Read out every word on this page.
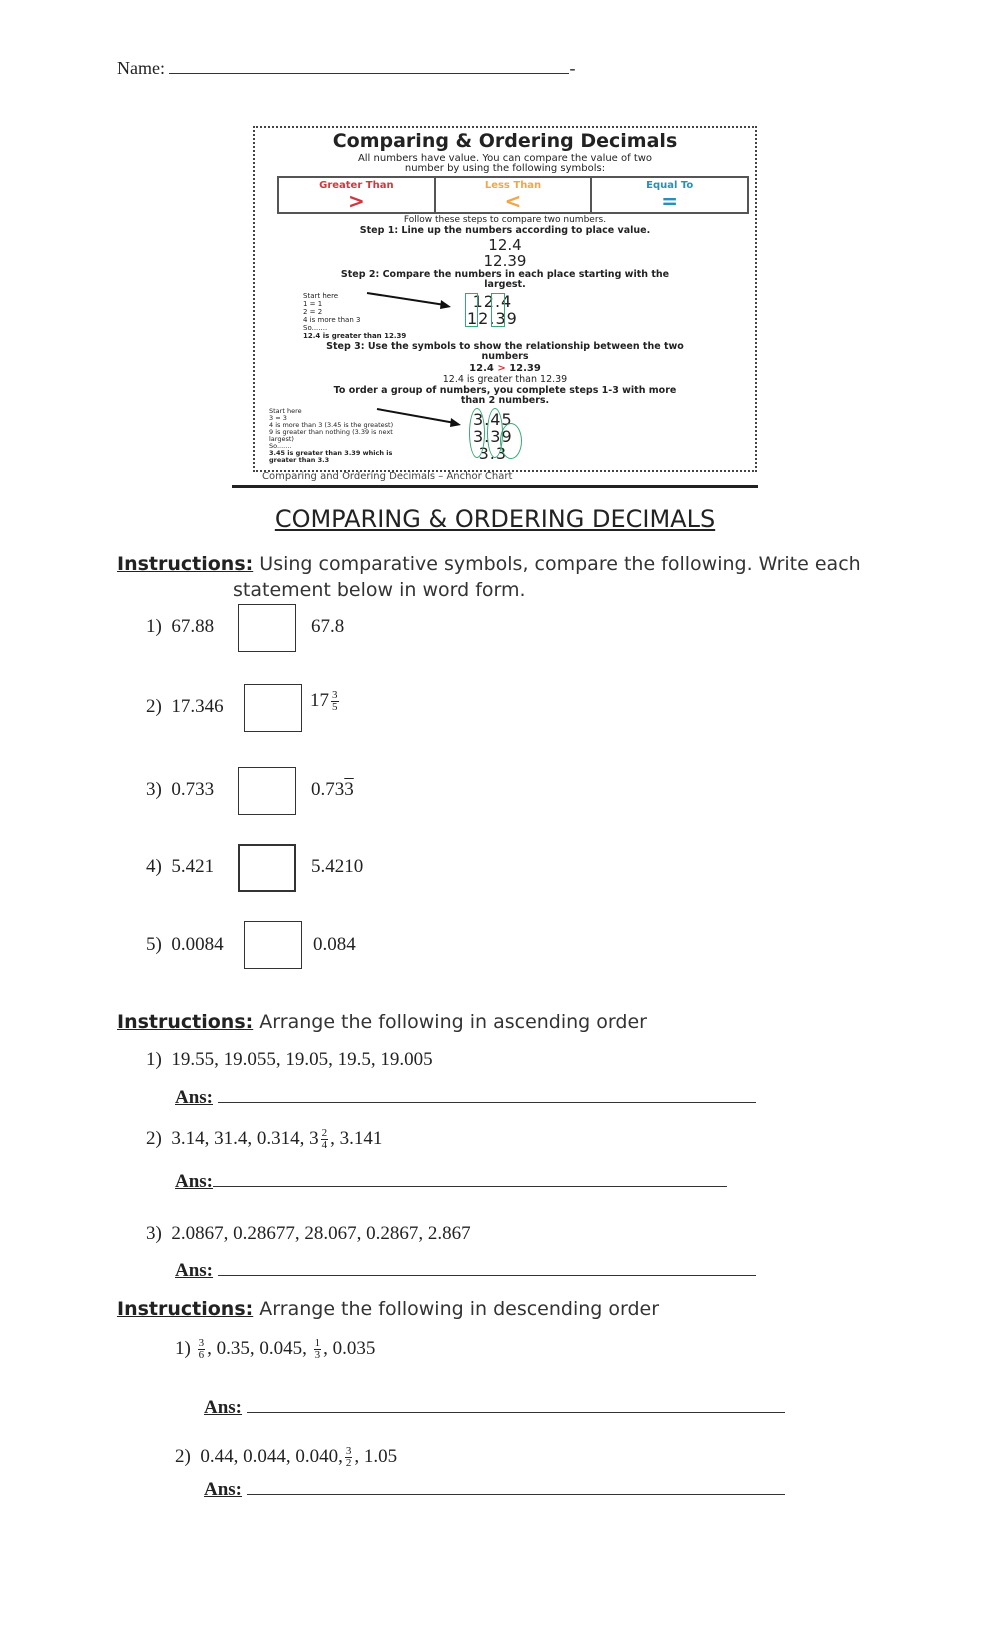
Name:	-
Comparing & Ordering Decimals
All numbers have value. You can compare the value of two
number by using the following symbols:
Greater Than
>
Less Than
<
Equal To
=
Follow these steps to compare two numbers.
Step 1: Line up the numbers according to place value.
12.4
12.39
Step 2: Compare the numbers in each place starting with the
largest.
Start here
1 = 1
2 = 2
4 is more than 3
So.......
12.4 is greater than 12.39
12.4
12.39
Step 3: Use the symbols to show the relationship between the two
numbers
12.4 > 12.39
12.4 is greater than 12.39
To order a group of numbers, you complete steps 1-3 with more
than 2 numbers.
Start here
3 = 3
4 is more than 3 (3.45 is the greatest)
9 is greater than nothing (3.39 is next
largest)
So.......
3.45 is greater than 3.39 which is
greater than 3.3
3.45
3.39
3.3
Comparing and Ordering Decimals – Anchor Chart
COMPARING & ORDERING DECIMALS
Instructions: Using comparative symbols, compare the following. Write each
statement below in word form.
1) 67.88	67.8
2) 17.346	$17 \frac{3}{5}$
3) 0.733	0.733
4) 5.421	5.4210
5) 0.0084	0.084
Instructions: Arrange the following in ascending order
1) 19.55, 19.055, 19.05, 19.5, 19.005
Ans:
2) 3.14, 31.4, 0.314, $3 \frac{2}{4}$ , 3.141
Ans:
3) 2.0867, 0.28677, 28.067, 0.2867, 2.867
Ans:
Instructions: Arrange the following in descending order
$1) \frac{3}{6}$ , 0.35, 0.045, $\frac{1}{3}$ , 0.035
Ans:
2) 0.44, 0.044, 0.040, $\frac{3}{2}$ , 1.05
Ans:
